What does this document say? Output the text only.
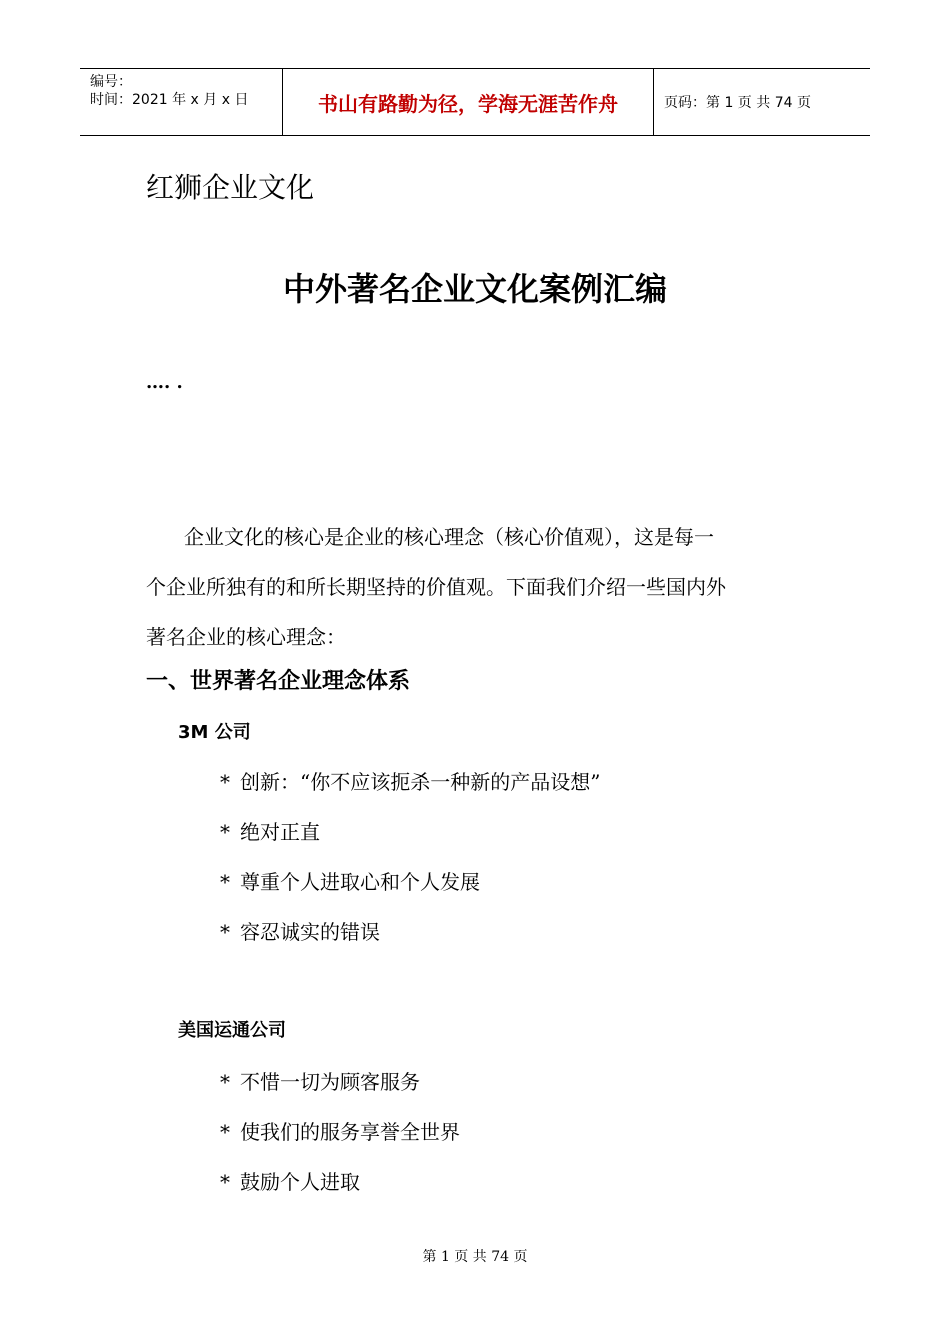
编号：
时间：2021 年 x 月 x 日	书山有路勤为径，学海无涯苦作舟	页码：第 1 页 共 74 页
红狮企业文化
中外著名企业文化案例汇编
…. .

企业文化的核心是企业的核心理念（核心价值观），这是每一

个企业所独有的和所长期坚持的价值观。下面我们介绍一些国内外

著名企业的核心理念：

一、世界著名企业理念体系
3M 公司
* 创新：“你不应该扼杀一种新的产品设想”
* 绝对正直
* 尊重个人进取心和个人发展
* 容忍诚实的错误
美国运通公司
* 不惜一切为顾客服务
* 使我们的服务享誉全世界
* 鼓励个人进取
第 1 页 共 74 页
